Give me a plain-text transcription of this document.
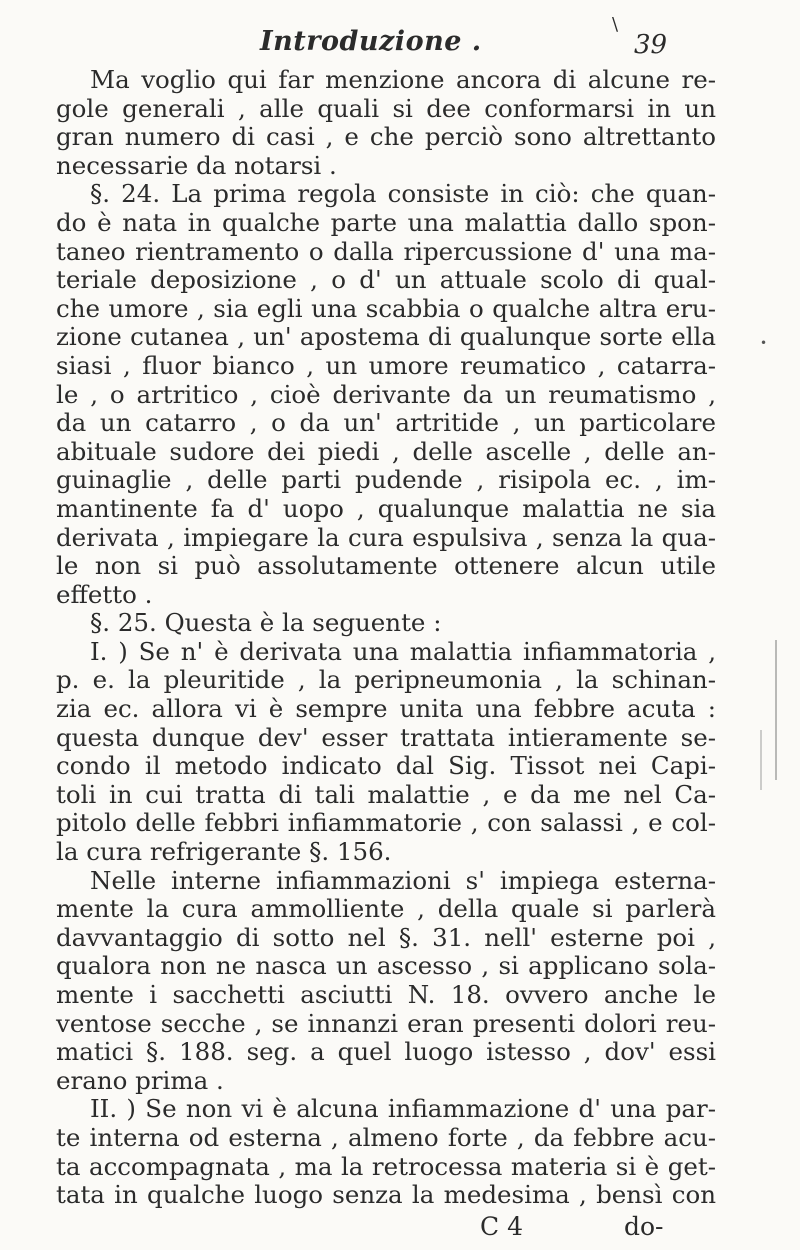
Introduzione .
\
39
Ma voglio qui far menzione ancora di alcune re-
gole generali , alle quali si dee conformarsi in un
gran numero di casi , e che perciò sono altrettanto
necessarie da notarsi .
§. 24. La prima regola consiste in ciò: che quan-
do è nata in qualche parte una malattia dallo spon-
taneo rientramento o dalla ripercussione d' una ma-
teriale deposizione , o d' un attuale scolo di qual-
che umore , sia egli una scabbia o qualche altra eru-
zione cutanea , un' apostema di qualunque sorte ella
siasi , fluor bianco , un umore reumatico , catarra-
le , o artritico , cioè derivante da un reumatismo ,
da un catarro , o da un' artritide , un particolare
abituale sudore dei piedi , delle ascelle , delle an-
guinaglie , delle parti pudende , risipola ec. , im-
mantinente fa d' uopo , qualunque malattia ne sia
derivata , impiegare la cura espulsiva , senza la qua-
le non si può assolutamente ottenere alcun utile
effetto .
§. 25. Questa è la seguente :
I. ) Se n' è derivata una malattia infiammatoria ,
p. e. la pleuritide , la peripneumonia , la schinan-
zia ec. allora vi è sempre unita una febbre acuta :
questa dunque dev' esser trattata intieramente se-
condo il metodo indicato dal Sig. Tissot nei Capi-
toli in cui tratta di tali malattie , e da me nel Ca-
pitolo delle febbri infiammatorie , con salassi , e col-
la cura refrigerante §. 156.
Nelle interne infiammazioni s' impiega esterna-
mente la cura ammolliente , della quale si parlerà
davvantaggio di sotto nel §. 31. nell' esterne poi ,
qualora non ne nasca un ascesso , si applicano sola-
mente i sacchetti asciutti N. 18. ovvero anche le
ventose secche , se innanzi eran presenti dolori reu-
matici §. 188. seg. a quel luogo istesso , dov' essi
erano prima .
II. ) Se non vi è alcuna infiammazione d' una par-
te interna od esterna , almeno forte , da febbre acu-
ta accompagnata , ma la retrocessa materia si è get-
tata in qualche luogo senza la medesima , bensì con
•
C 4	do-
